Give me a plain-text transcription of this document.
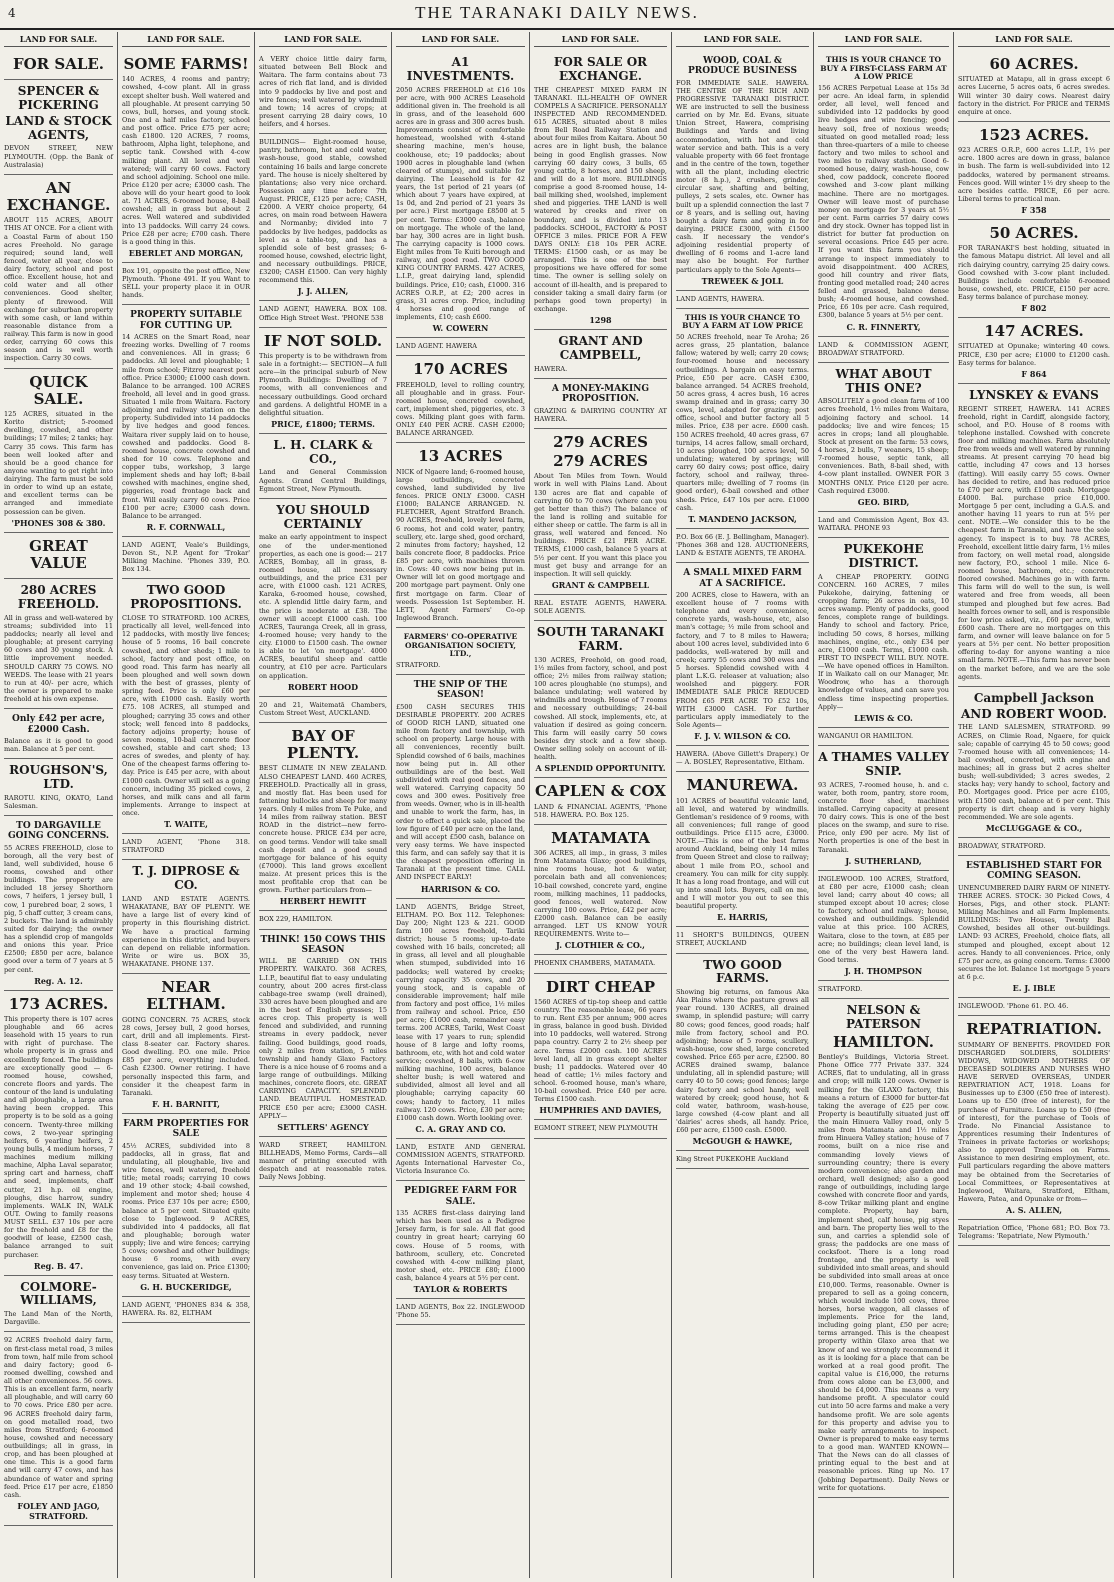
4	THE TARANAKI DAILY NEWS.
LAND FOR SALE.
FOR SALE.
SPENCER & PICKERING
LAND & STOCK AGENTS,
DEVON STREET, NEW PLYMOUTH. (Opp. the Bank of Australasia)
AN EXCHANGE.
ABOUT 115 ACRES, ABOUT THIS AT ONCE. For a client with a Coastal Farm of about 150 acres Freehold. No garage required; sound land, well fenced, water all year, close to dairy factory, school and post office. Excellent house, hot and cold water and all other conveniences. Good shelter, plenty of firewood. Will exchange for suburban property with some cash, or land within reasonable distance from a railway. This farm is now in good order, carrying 60 cows this season and is well worth inspection. Carry 30 cows.
QUICK SALE.
125 ACRES, situated in the Korito district; 5-roomed dwelling, cowshed, and other buildings; 17 miles; 2 tanks; hay. Carry 35 cows. This farm has been well looked after and should be a good chance for anyone wanting to get right into dairying. The farm must be sold in order to wind up an estate, and excellent terms can be arranged and immediate possession can be given.
'PHONES 308 & 380.
GREAT VALUE
280 ACRES FREEHOLD.
All in grass and well-watered by streams; subdivided into 11 paddocks; nearly all level and ploughable; at present carrying 60 cows and 30 young stock. A little improvement needed. SHOULD CARRY 75 COWS. NO WEEDS. The lease with 21 years to run at 40/- per acre, which the owner is prepared to make freehold at his own expense.
Only £42 per acre, £2000 Cash.
Balance as it is good to good man. Balance at 5 per cent.
ROUGHSON'S, LTD.
RAROTU. KING, OKATO, Land Salesman.
TO DARGAVILLE GOING CONCERNS.
55 ACRES FREEHOLD, close to borough, all the very best of land, well subdivided, house 6 rooms, cowshed and other buildings. The property are included 18 jersey Shorthorn cows, 7 heifers, 1 jersey bull, 1 cow, 1 purebred boar, 2 sows, 1 pig, 5 chaff cutter, 3 cream cans, 2 buckets. The land is admirably suited for dairying; the owner has a splendid crop of mangolds and onions this year. Price £2500; £850 per acre, balance good over a term of 7 years at 5 per cent.
Reg. A. 12.
173 ACRES.
This property there is 107 acres ploughable and 66 acres leasehold with 15 years to run with right of purchase. The whole property is in grass and excellently fenced. The buildings are exceptionally good — 6-roomed house, cowshed, concrete floors and yards. The contour of the land is undulating and all ploughable, a large area having been cropped. This property is to be sold as a going concern. Twenty-three milking cows, 2 two-year springing heifers, 6 yearling heifers, 2 young bulls, 4 medium horses, 7 machines medium milking machine, Alpha Laval separator, spring cart and harness, chaff and seed, implements, chaff cutter, 21 h.p. oil engine, ploughs, disc harrow, sundry implements. WALK IN, WALK OUT. Owing to family reasons MUST SELL. £37 10s per acre for the freehold and £8 for the goodwill of lease, £2500 cash, balance arranged to suit purchaser.
Reg. B. 47.
COLMORE-WILLIAMS,
The Land Man of the North, Dargaville.
92 ACRES freehold dairy farm, on first-class metal road, 3 miles from town, half mile from school and dairy factory; good 6-roomed dwelling, cowshed and all other conveniences. 56 cows. This is an excellent farm, nearly all ploughable, and will carry 60 to 70 cows. Price £80 per acre. 96 ACRES freehold dairy farm, on good metalled road, two miles from Stratford; 6-roomed house, cowshed and necessary outbuildings; all in grass, in crop, and has been ploughed at one time. This is a good farm and will carry 47 cows, and has abundance of water and spring feed. Price £17 per acre, £1850 cash.
FOLEY AND JAGO, STRATFORD.
LAND FOR SALE.
SOME FARMS!
140 ACRES, 4 rooms and pantry; cowshed, 4-cow plant. All in grass except shelter bush. Well watered and all ploughable. At present carrying 50 cows, bull, horses, and young stock. One and a half miles factory, school and post office. Price £75 per acre; cash £1800. 120 ACRES, 7 rooms, bathroom, Alpha light, telephone, and septic tank. Cowshed with 4-cow milking plant. All level and well watered; will carry 60 cows. Factory and school adjoining. School one mile. Price £120 per acre; £3000 cash. The above will do your heart good to look at. 71 ACRES, 6-roomed house, 8-bail cowshed; all in grass but about 2 acres. Well watered and subdivided into 13 paddocks. Will carry 24 cows. Price £28 per acre; £700 cash. There is a good thing in this.
EBERLET AND MORGAN,
Box 191, opposite the post office, New Plymouth. 'Phone 491. If you Want to SELL your property place it in OUR hands.
PROPERTY SUITABLE FOR CUTTING UP.
14 ACRES on the Smart Road, near freezing works. Dwelling of 7 rooms and conveniences. All in grass; 6 paddocks. All level and ploughable; 1 mile from school; Fitzroy nearest post office. Price £3000; £1000 cash down. Balance to be arranged. 100 ACRES freehold, all level and in good grass. Situated 1 mile from Waitara. Factory adjoining and railway station on the property. Subdivided into 14 paddocks by live hedges and good fences. Waitara river supply laid on to house, cowshed and paddocks. Good 8-roomed house, concrete cowshed and shed for 10 cows. Telephone and copper tubs, workshop, 3 large implement sheds and hay loft; 8-bail cowshed with machines, engine shed, piggeries, road frontage back and front. Will easily carry 60 cows. Price £100 per acre; £3000 cash down. Balance to be arranged.
R. F. CORNWALL,
LAND AGENT, Veale's Buildings, Devon St., N.P. Agent for 'Trokar' Milking Machine. 'Phones 339, P.O. Box 134.
TWO GOOD PROPOSITIONS.
CLOSE TO STRATFORD. 100 ACRES, practically all level, well-fenced into 12 paddocks, with mostly live fences; house of 5 rooms, 16 bail concrete cowshed, and other sheds; 1 mile to school, factory and post office, on good road. This farm has nearly all been ploughed and well sown down with the best of grasses, plenty of spring feed. Price is only £60 per acre, with £1000 cash. Easily worth £75. 108 ACRES, all stumped and ploughed; carrying 35 cows and other stock; well fenced into 8 paddocks, factory adjoins property; house of seven rooms, 10-bail concrete floor cowshed, stable and cart shed; 13 acres of swedes, and plenty of hay. One of the cheapest farms offering to-day. Price is £45 per acre, with about £1000 cash. Owner will sell as a going concern, including 35 picked cows, 2 horses, and milk cans and all farm implements. Arrange to inspect at once.
T. WAITE,
LAND AGENT, 'Phone 318. STRATFORD
T. J. DIPROSE & CO.
LAND AND ESTATE AGENTS. WHAKATANE, BAY OF PLENTY. WE have a large list of every kind of property in this flourishing district. We have a practical farming experience in this district, and buyers can depend on reliable information. Write or wire us. BOX 35, WHAKATANE. PHONE 137.
NEAR ELTHAM.
GOING CONCERN. 75 ACRES, stock 28 cows, Jersey bull, 2 good horses, cart, drill and all implements. First-class 8-seater car. Factory shares. Good dwelling. P.O. one mile. Price £85 per acre, everything included. Cash £2300. Owner retiring. I have personally inspected this farm, and consider it the cheapest farm in Taranaki.
F. H. BARNITT,
FARM PROPERTIES FOR SALE
45½ ACRES, subdivided into 8 paddocks, all in grass, flat and undulating, all ploughable, live and wire fences, well watered, freehold title; metal roads; carrying 10 cows and 19 other stock; 4-bail cowshed, implement and motor shed; house 4 rooms. Price £37 10s per acre; £500, balance at 5 per cent. Situated quite close to Inglewood. 9 ACRES, subdivided into 4 paddocks, all flat and ploughable; borough water supply; live and wire fences; carrying 5 cows; cowshed and other buildings; house 6 rooms, with every convenience, gas laid on. Price £1300; easy terms. Situated at Western.
G. H. BUCKERIDGE,
LAND AGENT, 'PHONES 834 & 358, HAWERA. Rs. 82, ELTHAM
LAND FOR SALE.
A VERY choice little dairy farm, situated between Bell Block and Waitara. The farm contains about 73 acres of rich flat land, and is divided into 9 paddocks by live and post and wire fences; well watered by windmill and town; 14 acres of crops; at present carrying 28 dairy cows, 10 heifers, and 4 horses.
BUILDINGS— Eight-roomed house, pantry, bathroom, hot and cold water, wash-house, good stable, cowshed containing 16 bails and large concrete yard. The house is nicely sheltered by plantations; also very nice orchard. Possession any time before 7th August. PRICE, £125 per acre; CASH, £2000. A VERY choice property, 64 acres, on main road between Hawera and Normanby; divided into 7 paddocks by live hedges, paddocks as level as a table-top, and has a splendid sole of best grasses; 6-roomed house, cowshed, electric light, and necessary outbuildings. PRICE, £3200; CASH £1500. Can very highly recommend this.
J. J. ALLEN,
LAND AGENT, HAWERA. BOX 108. Office High Street West. 'PHONE 538
IF NOT SOLD.
This property is to be withdrawn from sale in a fortnight:— SECTION—A full acre—in the principal suburb of New Plymouth. Buildings: Dwelling of 7 rooms, with all conveniences and necessary outbuildings. Good orchard and gardens. A delightful HOME in a delightful situation.
PRICE, £1800; TERMS.
L. H. CLARK & CO.,
Land and General Commission Agents. Grand Central Buildings, Egmont Street, New Plymouth.
YOU SHOULD CERTAINLY
make an early appointment to inspect one of the under-mentioned properties, as each one is good:— 217 ACRES, Bombay, all in grass, 8-roomed house, all necessary outbuildings, and the price £31 per acre, with £1000 cash. 121 ACRES, Karaka, 6-roomed house, cowshed, etc. A splendid little dairy farm, and the price is moderate at £38. The owner will accept £1000 cash. 100 ACRES, Tauranga Creek, all in grass, 4-roomed house; very handy to the city. £1000 to £1500 cash. The owner is able to let 'on mortgage'. 4000 ACRES, beautiful sheep and cattle country, at £10 per acre. Particulars on application.
ROBERT HOOD
20 and 21, Waitematā Chambers, Custom Street West, AUCKLAND.
BAY OF PLENTY.
BEST CLIMATE IN NEW ZEALAND. ALSO CHEAPEST LAND. 460 ACRES, FREEHOLD. Practically all in grass, and mostly flat. Has been used for fattening bullocks and sheep for many years. Only 4 miles from Te Puke, and 14 miles from railway station. BEST ROAD in the district—new ferro-concrete house. PRICE £34 per acre, on good terms. Vendor will take small cash deposit and a good sound mortgage for balance of his equity (£7000). This land grows excellent maize. At present prices this is the most profitable crop that can be grown. Further particulars from—
HERBERT HEWITT
BOX 229, HAMILTON.
THINK! 150 COWS THIS SEASON
WILL BE CARRIED ON THIS PROPERTY. WAIKATO. 368 ACRES, L.I.P., beautiful flat to easy undulating country, about 200 acres first-class cabbage-tree swamp (well drained), 330 acres have been ploughed and are in the best of English grasses; 15 acres crop. This property is well fenced and subdivided, and running streams in every paddock, never failing. Good buildings, good roads, only 2 miles from station, 5 miles township and handy Glaxo Factory. There is a nice house of 6 rooms and a large range of outbuildings. Milking machines, concrete floors, etc. GREAT CARRYING CAPACITY. SPLENDID LAND. BEAUTIFUL HOMESTEAD. PRICE £50 per acre; £3000 CASH. APPLY—
SETTLERS' AGENCY
WARD STREET, HAMILTON. BILLHEADS, Memo Forms, Cards—all manner of printing executed with despatch and at reasonable rates. Daily News Jobbing.
LAND FOR SALE.
A1 INVESTMENTS.
2050 ACRES FREEHOLD at £16 10s per acre, with 900 ACRES Leasehold additional given in. The freehold is all in grass, and of the leasehold 600 acres are in grass and 300 acres bush. Improvements consist of comfortable homestead, woolshed with 4-stand shearing machine, men's house, cookhouse, etc; 19 paddocks; about 1900 acres in ploughable land (when cleared of stumps), and suitable for dairying. The Leasehold is for 42 years, the 1st period of 21 years (of which about 7 years have expired, at 1s 0d, and 2nd period of 21 years 3s per acre.) First mortgage £8500 at 5 per cent. Terms: £3000 cash, balance on mortgage. The whole of the land, bar hay, 300 acres are in light bush. The carrying capacity is 1000 cows. Eight miles from Te Kuiti borough and railway, and good road. TWO GOOD KING COUNTRY FARMS. 427 ACRES, L.I.P., great dairying land, splendid buildings. Price, £10; cash, £1000. 316 ACRES O.R.P., at £2; 200 acres in grass, 31 acres crop. Price, including 4 horses and good range of implements, £10; cash £600.
W. COWERN
LAND AGENT. HAWERA
170 ACRES
FREEHOLD, level to rolling country, all ploughable and in grass. Four-roomed house, concreted cowshed, cart, implement shed, piggeries, etc. 3 cows. Milking plant goes with farm. ONLY £40 PER ACRE. CASH £2000; BALANCE ARRANGED.
13 ACRES
NICK of Ngaere land; 6-roomed house, large outbuildings, concreted cowshed, land subdivided by live fences. PRICE ONLY £3000. CASH £1000; BALANCE ARRANGED. N. FLETCHER, Agent Stratford Branch. 90 ACRES, freehold, lovely level farm, 6 rooms, hot and cold water, pantry, scullery, etc. large shed, good orchard, 2 minutes from factory; hayshed, 12 bails concrete floor, 8 paddocks. Price £85 per acre, with machines thrown in. Cows: 40 cows now being put in. Owner will let on good mortgage and 200 mortgage part payment. Only one first mortgage on farm. Clear of weeds. Possession 1st September. H. LETT, Agent Farmers' Co-op Inglewood Branch.
FARMERS' CO-OPERATIVE ORGANISATION SOCIETY, LTD.,
STRATFORD.
THE SNIP OF THE SEASON!
£500 CASH SECURES THIS DESIRABLE PROPERTY. 200 ACRES of GOOD RICH LAND, situated one mile from factory and township, with school on property. Large house with all conveniences, recently built. Splendid cowshed of 6 bails, machines now being put in. All other outbuildings are of the best. Well subdivided with real good fences, and well watered. Carrying capacity 50 cows and 300 ewes. Positively free from weeds. Owner, who is in ill-health and unable to work the farm, has, in order to effect a quick sale, placed the low figure of £40 per acre on the land, and will accept £500 cash, balance on very easy terms. We have inspected this farm, and can safely say that it is the cheapest proposition offering in Taranaki at the present time. CALL AND INSPECT EARLY!
HARRISON & CO.
LAND AGENTS, Bridge Street, ELTHAM. P.O. Box 112. Telephones: Day 200; Night 123 & 221. GOOD farm 100 acres freehold, Tariki district; house 5 rooms; up-to-date cowshed with 16 bails, concreted; all in grass, all level and all ploughable when stumped, subdivided into 16 paddocks; well watered by creeks; carrying capacity 35 cows, and 20 young stock, and is capable of considerable improvement; half mile from factory and post office, 1½ miles from railway and school. Price, £50 per acre; £1000 cash, remainder easy terms. 200 ACRES, Tariki, West Coast lease with 17 years to run; splendid house of 8 large and lofty rooms, bathroom, etc, with hot and cold water service; cowshed, 8 bails, with 6-cow milking machine, 100 acres, balance shelter bush; is well watered and subdivided, almost all level and all ploughable; carrying capacity 60 cows; handy to factory, 11 miles railway. 120 cows. Price, £30 per acre; £1000 cash down. Worth looking over.
C. A. GRAY AND CO.
LAND, ESTATE AND GENERAL COMMISSION AGENTS, STRATFORD. Agents International Harvester Co., Victoria Insurance Co.
PEDIGREE FARM FOR SALE.
135 ACRES first-class dairying land which has been used as a Pedigree Jersey farm, is for sale. All flat good country in great heart; carrying 60 cows. House of 5 rooms, with bathroom, scullery, etc. Concreted cowshed with 4-cow milking plant, motor shed, etc. PRICE £80; £1000 cash, balance 4 years at 5½ per cent.
TAYLOR & ROBERTS
LAND AGENTS, Box 22. INGLEWOOD 'Phone 55.
LAND FOR SALE.
FOR SALE OR EXCHANGE.
THE CHEAPEST MIXED FARM IN TARANAKI. ILL-HEALTH OF OWNER COMPELS A SACRIFICE. PERSONALLY INSPECTED AND RECOMMENDED. 615 ACRES, situated about 8 miles from Bell Road Railway Station and about four miles from Kaitara. About 50 acres are in light bush, the balance being in good English grasses. Now carrying 60 dairy cows, 3 bulls, 65 young cattle, 8 horses, and 150 sheep, and will do a lot more. BUILDINGS comprise a good 8-roomed house, 14-bail milking shed, woolshed, implement shed and piggeries. THE LAND is well watered by creeks and river on boundary, and is divided into 13 paddocks. SCHOOL, FACTORY & POST OFFICE 3 miles. PRICE FOR A FEW DAYS ONLY: £18 10s PER ACRE. TERMS: £1500 cash, or as may be arranged. This is one of the best propositions we have offered for some time. The owner is selling solely on account of ill-health, and is prepared to consider taking a small dairy farm (or perhaps good town property) in exchange.
1298
GRANT AND CAMPBELL,
HAWERA.
A MONEY-MAKING PROPOSITION.
GRAZING & DAIRYING COUNTRY AT HAWERA.
279 ACRES
279 ACRES
About Ten Miles from Town. Would work in well with Plains Land. About 130 acres are flat and capable of carrying 60 to 70 cows (where can you get better than this?) The balance of the land is rolling and suitable for either sheep or cattle. The farm is all in grass, well watered and fenced. No buildings. PRICE £21 PER ACRE. TERMS, £1000 cash, balance 5 years at 5½ per cent. If you want this place you must get busy and arrange for an inspection. It will sell quickly.
GRANT & CAMPBELL
REAL ESTATE AGENTS, HAWERA. SOLE AGENTS.
SOUTH TARANAKI FARM.
130 ACRES, Freehold, on good road, 1½ miles from factory, school, and post office; 2½ miles from railway station; 100 acres ploughable (no stumps), and balance undulating; well watered by windmills and trough. House of 7 rooms and necessary outbuildings; 24-bail cowshed. All stock, implements, etc, at valuation if desired as going concern. This farm will easily carry 50 cows besides dry stock and a few sheep. Owner selling solely on account of ill-health.
A SPLENDID OPPORTUNITY.
CAPLEN & COX
LAND & FINANCIAL AGENTS, 'Phone 518. HAWERA. P.O. Box 125.
MATAMATA
306 ACRES, all imp., in grass, 3 miles from Matamata Glaxo; good buildings, nine rooms house, hot & water, porcelain bath and all conveniences; 10-bail cowshed, concrete yard, engine room, milking machines, 11 paddocks, good fences, well watered. Now carrying 100 cows. Price, £42 per acre; £2000 cash. Balance can be easily arranged. LET US KNOW YOUR REQUIREMENTS. Write to—
J. CLOTHIER & CO.,
PHOENIX CHAMBERS, MATAMATA.
DIRT CHEAP
1560 ACRES of tip-top sheep and cattle country. The reasonable lease, 66 years to run. Rent £35 per annum; 900 acres in grass, balance in good bush. Divided into 10 paddocks, well watered. Strong papa country. Carry 2 to 2½ sheep per acre. Terms £2000 cash. 100 ACRES level land, all in grass except shelter bush; 11 paddocks. Watered over 40 head of cattle; 1½ miles factory and school. 6-roomed house, man's whare, 10-bail cowshed. Price £40 per acre. Terms £1500 cash.
HUMPHRIES AND DAVIES,
EGMONT STREET, NEW PLYMOUTH
LAND FOR SALE.
WOOD, COAL & PRODUCE BUSINESS
FOR IMMEDIATE SALE. HAWERA. THE CENTRE OF THE RICH AND PROGRESSIVE TARANAKI DISTRICT. WE are instructed to sell the business carried on by Mr. Ed. Evans, situate Union Street, Hawera, comprising Buildings and Yards and living accommodation, with hot and cold water service and bath. This is a very valuable property with 66 feet frontage and in the centre of the town, together with all the plant, including electric motor (8 h.p.), 2 crushers, grinder, circular saw, shafting and belting, pulleys, 2 sets scales, etc. Owner has built up a splendid connection the last 7 or 8 years, and is selling out, having bought a dairy farm and going in for dairying. PRICE £3000, with £1500 cash. If necessary the vendor's adjoining residential property of dwelling of 6 rooms and 1-acre land may also be bought. For further particulars apply to the Sole Agents—
TREWEEK & JOLL
LAND AGENTS, HAWERA.
THIS IS YOUR CHANCE TO BUY A FARM AT LOW PRICE
50 ACRES freehold, near Te Aroha; 26 acres grass, 25 plantation, balance fallow; watered by well; carry 20 cows; four-roomed house and necessary outbuildings. A bargain on easy terms. Price, £50 per acre. CASH £300, balance arranged. 54 ACRES freehold, 50 acres grass, 4 acres bush, 16 acres swamp drained and in grass; carry 30 cows, level, adapted for grazing; post office, school and butter factory all 5 miles. Price, £38 per acre. £600 cash. 150 ACRES freehold, 40 acres grass, 67 turnips, 14 acres fallow, small orchard, 10 acres ploughed, 100 acres level, 50 undulating; watered by springs; will carry 60 dairy cows; post office, dairy factory, school and railway, three-quarters mile; dwelling of 7 rooms (in good order), 6-bail cowshed and other sheds. Price, £47 10s per acre. £1000 cash.
T. MANDENO JACKSON,
P.O. Box 66 (E. J. Bellingham, Manager). 'Phones 368 and 128. AUCTIONEERS, LAND & ESTATE AGENTS, TE AROHA.
A SMALL MIXED FARM AT A SACRIFICE.
200 ACRES, close to Hawera, with an excellent house of 7 rooms with telephone and every convenience, concrete yards, wash-house, etc, also man's cottage; ½ mile from school and factory, and 7 to 8 miles to Hawera; about 100 acres level, subdivided into 6 paddocks, well-watered by mill and creek; carry 55 cows and 300 ewes and 5 horses. Splendid cowshed with 4 plant L.K.G. releaser at valuation; also woolshed and piggery. FOR IMMEDIATE SALE PRICE REDUCED FROM £65 PER ACRE TO £52 10s, WITH £3000 CASH. For further particulars apply immediately to the Sole Agents—
F. J. V. WILSON & CO.
HAWERA. (Above Gillett's Drapery.) Or— A. BOSLEY, Representative, Eltham.
MANUREWA.
101 ACRES of beautiful volcanic land, all level, and watered by windmills. Gentleman's residence of 9 rooms, with all conveniences; full range of good outbuildings. Price £115 acre, £3000. NOTE.—This is one of the best farms around Auckland, being only 14 miles from Queen Street and close to railway; about 1 mile from P.O., school and creamery. You can milk for city supply. It has a long road frontage, and will cut up into small lots. Buyers, call on me, and I will motor you out to see this beautiful property.
E. HARRIS,
11 SHORT'S BUILDINGS, QUEEN STREET, AUCKLAND
TWO GOOD FARMS.
Showing big returns, on famous Aka Aka Plains where the pasture grows all year round. 130 ACRES, all drained swamp, in splendid pasture; will carry 80 cows; good fences, good roads; half mile from factory, school and P.O. adjoining; house of 5 rooms, scullery, wash-house, cow shed, large concreted cowshed. Price £65 per acre, £2500. 80 ACRES drained swamp, balance undulating, all in splendid pasture; will carry 40 to 50 cows; good fences; large dairy factory and school handy, well watered by creek; good house, hot & cold water, bathroom, wash-house, large cowshed (4-cow plant and all 'dairies' acres sheds, all handy. Price, £60 per acre, £1500 cash. £5000.
McGOUGH & HAWKE,
King Street PUKEKOHE Auckland
LAND FOR SALE.
THIS IS YOUR CHANCE TO BUY A FIRST-CLASS FARM AT A LOW PRICE
156 ACRES Perpetual Lease at 15s 3d per acre. An ideal farm, in splendid order, all level, well fenced and subdivided into 12 paddocks by good live hedges and wire fencing; good heavy soil, free of noxious weeds; situated on good metalled road; less than three-quarters of a mile to cheese factory and two miles to school and two miles to railway station. Good 6-roomed house, dairy, wash-house, cow shed, cow paddock, concrete floored cowshed and 3-cow plant milking machine. There are no mortgages. Owner will leave most of purchase money on mortgage for 3 years at 5½ per cent. Farm carries 57 dairy cows and dry stock. Owner has topped list in district for butter fat production on several occasions. Price £45 per acre. If you want this farm you should arrange to inspect immediately to avoid disappointment. 400 ACRES, good hill country and river flats, fronting good metalled road; 240 acres felled and grassed, balance dense bush; 4-roomed house, and cowshed. Price, £6 10s per acre. Cash required, £300, balance 5 years at 5½ per cent.
C. R. FINNERTY,
LAND & COMMISSION AGENT, BROADWAY STRATFORD.
WHAT ABOUT THIS ONE?
ABSOLUTELY a good clean farm of 100 acres freehold, 1½ miles from Waitara, adjoining factory and school. 14 paddocks; live and wire fences; 15 acres in crops; land all ploughable. Stock at present on the farm: 53 cows, 4 horses, 2 bulls, 7 weaners, 15 sheep; 7-roomed house, septic tank, all conveniences. Bath, 8-bail shed, with 4-cow plant installed. OWNER FOR 3 MONTHS ONLY. Price £120 per acre. Cash required £3000.
GEO. BIRD,
Land and Commission Agent, Box 43. WAITARA. PHONE 93
PUKEKOHE DISTRICT.
A CHEAP PROPERTY. GOING CONCERN. 160 ACRES, 7 miles Pukekohe, dairying, fattening or cropping farm; 26 acres in oats, 10 acres swamp. Plenty of paddocks, good fences, complete range of buildings. Handy to school and factory. Price, including 50 cows, 8 horses, milking machines, engine, etc., only £34 per acre, £1000 cash. Terms, £1000 cash. FIRST TO INSPECT WILL BUY. NOTE.—We have opened offices in Hamilton. If in Waikato call on our Manager, Mr. Woodrow, who has a thorough knowledge of values, and can save you endless time inspecting properties. Apply—
LEWIS & CO.
WANGANUI OR HAMILTON.
A THAMES VALLEY SNIP.
93 ACRES, 7-roomed house, h. and c. water, both room, pantry, store room, concrete floor shed, machines installed. Carrying capacity at present 70 dairy cows. This is one of the best places on the swamp, and sure to rise. Price, only £90 per acre. My list of North properties is one of the best in Taranaki.
J. SUTHERLAND,
INGLEWOOD. 100 ACRES, Stratford, at £80 per acre, £1000 cash; clean level land; carry about 40 cows; all stumped except about 10 acres; close to factory, school and railway; house, cowshed and outbuildings. Splendid value at this price. 100 ACRES, Waitara, close to the town, at £85 per acre; no buildings; clean level land, is one of the very best Hawera land. Good terms.
J. H. THOMPSON
STRATFORD.
NELSON & PATERSON
HAMILTON.
Bentley's Buildings, Victoria Street. Phone Office 777 Private 337. 324 ACRES, flat to undulating, all in grass and crop; will milk 120 cows. Owner is milking for the GLAXO factory, this means a return of £3000 for butter-fat taking the average of £25 per cow. Property is beautifully situated just off the main Hinuera Valley road, only 5 miles from Matamata and 1½ miles from Hinuera Valley station; house of 7 rooms, built on a nice rise and commanding lovely views of surrounding country; there is every modern convenience; also garden and orchard, well designed; also a good range of outbuildings, including large cowshed with concrete floor and yards, 8-cow Trikar milking plant and engine complete. Property, hay barn, implement shed, calf house, pig styes and barn. The property lies well to the sun, and carries a splendid sole of grass; the paddocks are one mass of cocksfoot. There is a long road frontage, and the property is well subdivided into small areas, and should be subdivided into small areas at once £10,000. Terms, reasonable. Owner is prepared to sell as a going concern, which would include 100 cows, three horses, horse waggon, all classes of implements. Price for the land, including going plant, £50 per acre; terms arranged. This is the cheapest property within Glaxo area that we know of and we strongly recommend it as it is looking for a place that can be worked at a real good profit. The capital value is £16,000, the returns from cows alone can be £3,000, and should be £4,000. This means a very handsome profit. A speculator could cut into 50 acre farms and make a very handsome profit. We are sole agents for this property and advise you to make early arrangements to inspect. Owner is prepared to make easy terms to a good man. WANTED KNOWN—That the News can do all classes of printing equal to the best and at reasonable prices. Ring up No. 17 (Jobbing Department). Daily News or write for quotations.
LAND FOR SALE.
60 ACRES.
SITUATED at Matapu, all in grass except 6 acres Lucerne, 5 acres oats, 6 acres swedes. Will winter 30 dairy cows. Nearest dairy factory in the district. For PRICE and TERMS enquire at once.
1523 ACRES.
923 ACRES O.R.P., 600 acres L.I.P., 1½ per acre. 1800 acres are down in grass, balance in bush. The farm is well-subdivided into 12 paddocks, watered by permanent streams. Fences good. Will winter 1½ dry sheep to the acre besides cattle. PRICE, £6 per acre. Liberal terms to practical man.
F 358
50 ACRES.
FOR TARANAKI'S best holding, situated in the famous Matapu district. All level and all rich dairying country, carrying 25 dairy cows. Good cowshed with 3-cow plant included. Buildings include comfortable 6-roomed house, cowshed, etc. PRICE, £150 per acre. Easy terms balance of purchase money.
F 802
147 ACRES.
SITUATED at Opunake; wintering 40 cows. PRICE, £30 per acre; £1000 to £1200 cash. Easy terms for balance.
F 864
LYNSKEY & EVANS
REGENT STREET, HAWERA. 141 ACRES freehold, right in Cardiff, alongside factory, school, and P.O. House of 8 rooms with telephone installed. Cowshed with concrete floor and milking machines. Farm absolutely free from weeds and well watered by running streams. At present carrying 70 head big cattle, including 47 cows and 13 horses (fatting). Will easily carry 55 cows. Owner has decided to retire, and has reduced price to £70 per acre, with £1000 cash. Mortgage £4000. Bal. purchase price £10,000. Mortgage 5 per cent, including a G.A.S. and another having 11 years to run at 5½ per cent. NOTE.—We consider this to be the cheapest farm in Taranaki, and have the sole agency. To inspect is to buy. 78 ACRES, Freehold, excellent little dairy farm, 1½ miles from factory, on well metal road, alongside new factory, P.O., school 1 mile. Nice 6-roomed house, bathroom, etc.; concrete floored cowshed. Machines go in with farm. This farm will do well to the sun, is well watered and free from weeds, all been stumped and ploughed but few acres. Bad health forces owner to sell, and is responsible for low price asked, viz., £60 per acre, with £600 cash. There are no mortgages on this farm, and owner will leave balance on for 5 years at 5½ per cent. No better proposition offering to-day for anyone wanting a nice small farm. NOTE.—This farm has never been on the market before, and we are the sole agents.
Campbell Jackson
AND ROBERT WOOD.
THE LAND SALESMEN, STRATFORD. 99 ACRES, on Climie Road, Ngaere, for quick sale; capable of carrying 45 to 50 cows; good 7-roomed house with all conveniences; 14-bail cowshed, concreted, with engine and machines; all in grass but 2 acres shelter bush; well-subdivided; 3 acres swedes, 2 stacks hay; very handy to school, factory and P.O. Mortgages good. Price per acre £105, with £1500 cash, balance at 6 per cent. This property is dirt cheap and is very highly recommended. We are sole agents.
McCLUGGAGE & CO.,
BROADWAY, STRATFORD.
ESTABLISHED START FOR COMING SEASON.
UNENCUMBERED DAIRY FARM OF NINETY-THREE ACRES. STOCK: 30 Picked Cows, 4 Horses, Pigs, and other stock. PLANT: Milking Machines and all Farm Implements. BUILDINGS: Two Houses, Twenty Bail Cowshed, besides all other out-buildings. LAND: 93 ACRES, Freehold, choice flats, all stumped and ploughed, except about 12 acres. Handy to all conveniences. Price, only £75 per acre, as going concern. Terms: £3000 secures the lot. Balance 1st mortgage 5 years at 6 p.c.
E. J. IBLE
INGLEWOOD. 'Phone 61. P.O. 46.
REPATRIATION.
SUMMARY OF BENEFITS. PROVIDED FOR DISCHARGED SOLDIERS, SOLDIERS' WIDOWS, WIDOWED MOTHERS OF DECEASED SOLDIERS AND NURSES WHO HAVE SERVED OVERSEAS, UNDER REPATRIATION ACT, 1918. Loans for Businesses up to £300 (£50 free of interest). Loans up to £50 (free of interest), for the purchase of Furniture. Loans up to £50 (free of interest), for the purchase of Tools of Trade. No Financial Assistance to Apprentices resuming their Indentures of Trainees in private factories or workshops; also to approved Trainees on Farms. Assistance to men desiring employment, etc. Full particulars regarding the above matters may be obtained from the Secretaries of Local Committees, or Representatives at Inglewood, Waitara, Stratford, Eltham, Hawera, Patea, and Opunake or from—
A. S. ALLEN,
Repatriation Office, 'Phone 681; P.O. Box 73. Telegrams: 'Repatriate, New Plymouth.'
